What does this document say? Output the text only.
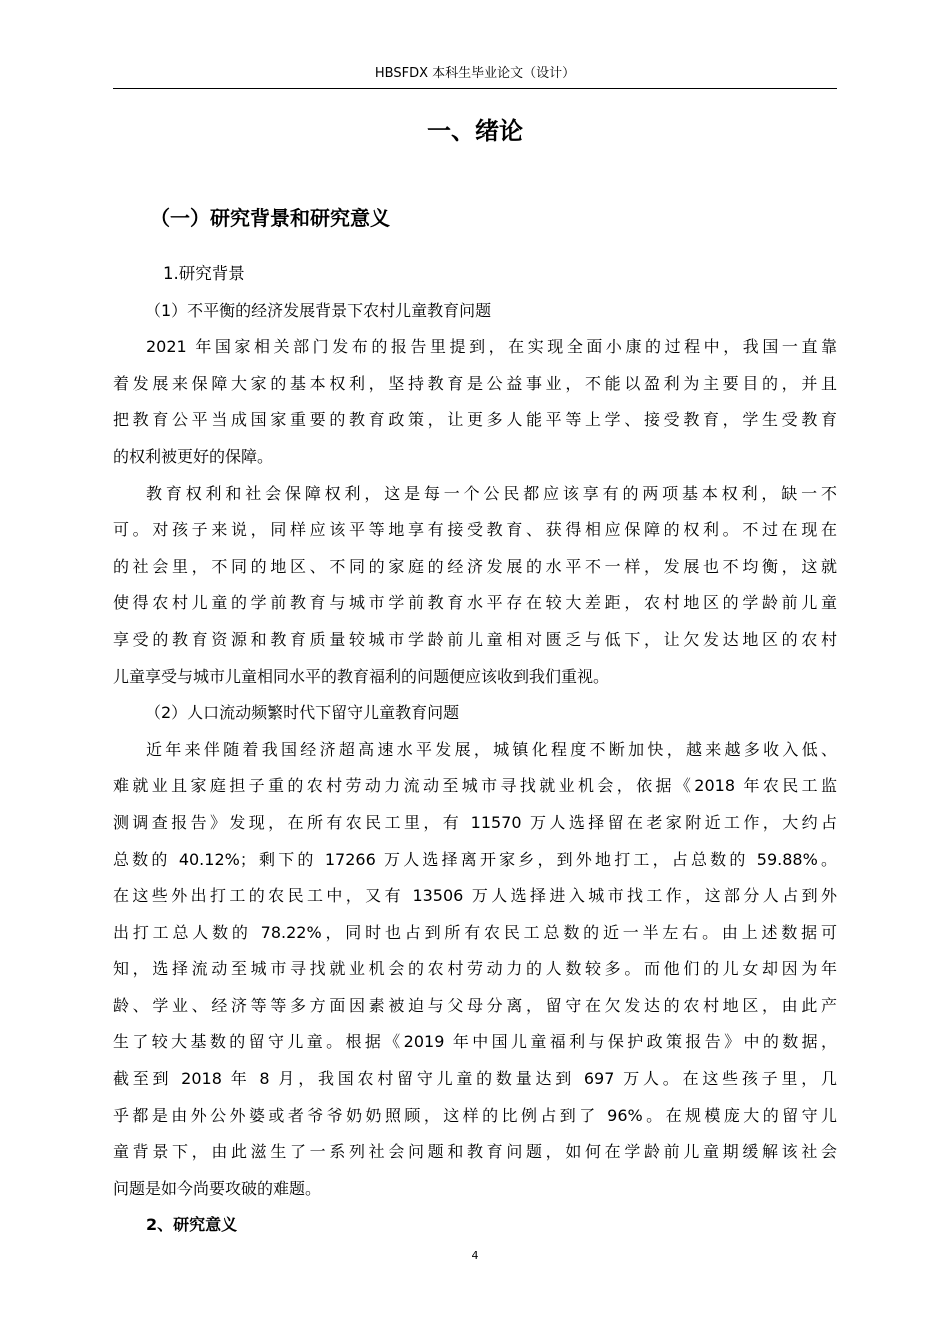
HBSFDX 本科生毕业论文（设计）
一、绪论
（一）研究背景和研究意义
1.研究背景
（1）不平衡的经济发展背景下农村儿童教育问题
2021 年国家相关部门发布的报告里提到，在实现全面小康的过程中，我国一直靠
着发展来保障大家的基本权利，坚持教育是公益事业，不能以盈利为主要目的，并且
把教育公平当成国家重要的教育政策，让更多人能平等上学、接受教育，学生受教育
的权利被更好的保障。
教育权利和社会保障权利，这是每一个公民都应该享有的两项基本权利，缺一不
可。对孩子来说，同样应该平等地享有接受教育、获得相应保障的权利。不过在现在
的社会里，不同的地区、不同的家庭的经济发展的水平不一样，发展也不均衡，这就
使得农村儿童的学前教育与城市学前教育水平存在较大差距，农村地区的学龄前儿童
享受的教育资源和教育质量较城市学龄前儿童相对匮乏与低下，让欠发达地区的农村
儿童享受与城市儿童相同水平的教育福利的问题便应该收到我们重视。
（2）人口流动频繁时代下留守儿童教育问题
近年来伴随着我国经济超高速水平发展，城镇化程度不断加快，越来越多收入低、
难就业且家庭担子重的农村劳动力流动至城市寻找就业机会，依据《2018 年农民工监
测调查报告》发现，在所有农民工里，有 11570 万人选择留在老家附近工作，大约占
总数的 40.12%；剩下的 17266 万人选择离开家乡，到外地打工，占总数的 59.88%。
在这些外出打工的农民工中，又有 13506 万人选择进入城市找工作，这部分人占到外
出打工总人数的 78.22%，同时也占到所有农民工总数的近一半左右。由上述数据可
知，选择流动至城市寻找就业机会的农村劳动力的人数较多。而他们的儿女却因为年
龄、学业、经济等等多方面因素被迫与父母分离，留守在欠发达的农村地区，由此产
生了较大基数的留守儿童。根据《2019 年中国儿童福利与保护政策报告》中的数据，
截至到 2018 年 8 月，我国农村留守儿童的数量达到 697 万人。在这些孩子里，几
乎都是由外公外婆或者爷爷奶奶照顾，这样的比例占到了 96%。在规模庞大的留守儿
童背景下，由此滋生了一系列社会问题和教育问题，如何在学龄前儿童期缓解该社会
问题是如今尚要攻破的难题。
2、研究意义
4
